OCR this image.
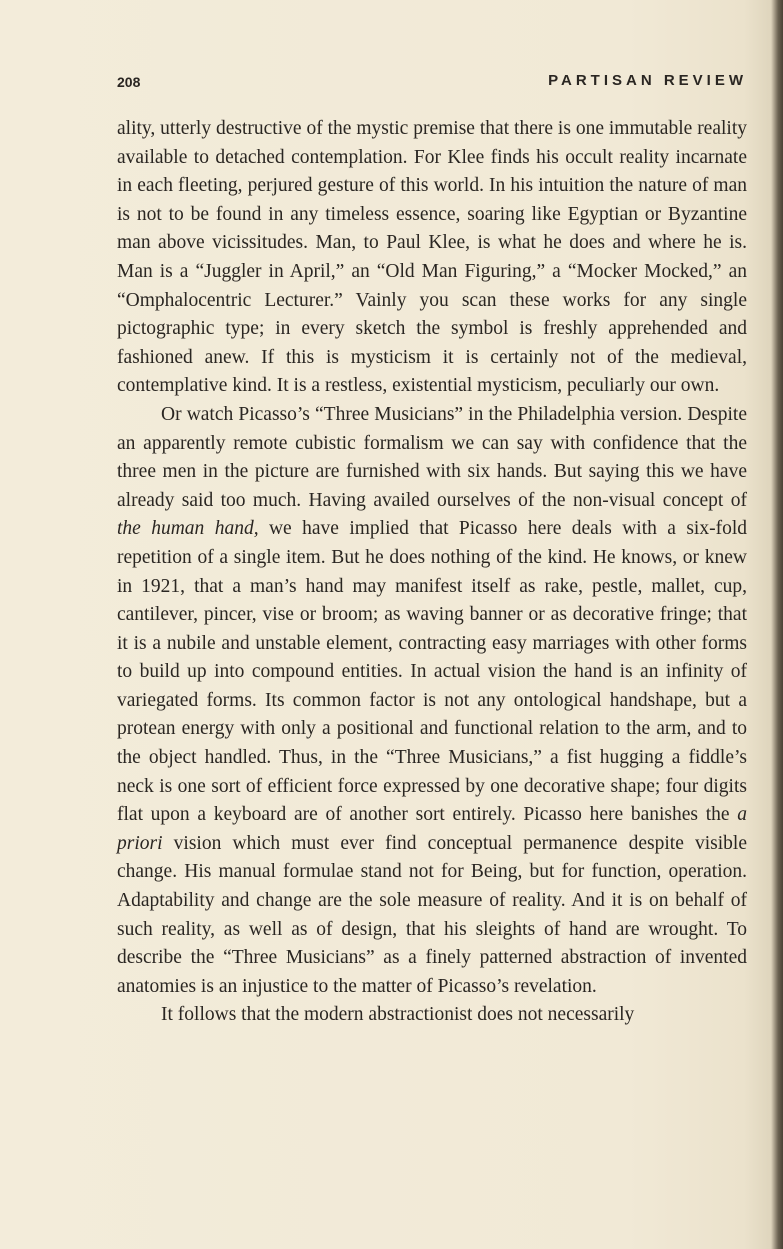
208	PARTISAN REVIEW

ality, utterly destructive of the mystic premise that there is one immutable reality available to detached contemplation. For Klee finds his occult reality incarnate in each fleeting, perjured gesture of this world. In his intuition the nature of man is not to be found in any timeless essence, soaring like Egyptian or Byzantine man above vicissitudes. Man, to Paul Klee, is what he does and where he is. Man is a “Juggler in April,” an “Old Man Figuring,” a “Mocker Mocked,” an “Omphalocentric Lecturer.” Vainly you scan these works for any single pictographic type; in every sketch the symbol is freshly apprehended and fashioned anew. If this is mysticism it is certainly not of the medieval, contemplative kind. It is a restless, existential mysticism, peculiarly our own.

Or watch Picasso’s “Three Musicians” in the Philadelphia version. Despite an apparently remote cubistic formalism we can say with confidence that the three men in the picture are furnished with six hands. But saying this we have already said too much. Having availed ourselves of the non-visual concept of the human hand, we have implied that Picasso here deals with a six-fold repetition of a single item. But he does nothing of the kind. He knows, or knew in 1921, that a man’s hand may manifest itself as rake, pestle, mallet, cup, cantilever, pincer, vise or broom; as waving banner or as decorative fringe; that it is a nubile and unstable element, contracting easy marriages with other forms to build up into compound entities. In actual vision the hand is an infinity of variegated forms. Its common factor is not any ontological handshape, but a protean energy with only a positional and functional relation to the arm, and to the object handled. Thus, in the “Three Musicians,” a fist hugging a fiddle’s neck is one sort of efficient force expressed by one decorative shape; four digits flat upon a keyboard are of another sort entirely. Picasso here banishes the a priori vision which must ever find conceptual permanence despite visible change. His manual formulae stand not for Being, but for function, operation. Adaptability and change are the sole measure of reality. And it is on behalf of such reality, as well as of design, that his sleights of hand are wrought. To describe the “Three Musicians” as a finely patterned abstraction of invented anatomies is an injustice to the matter of Picasso’s revelation.

It follows that the modern abstractionist does not necessarily
